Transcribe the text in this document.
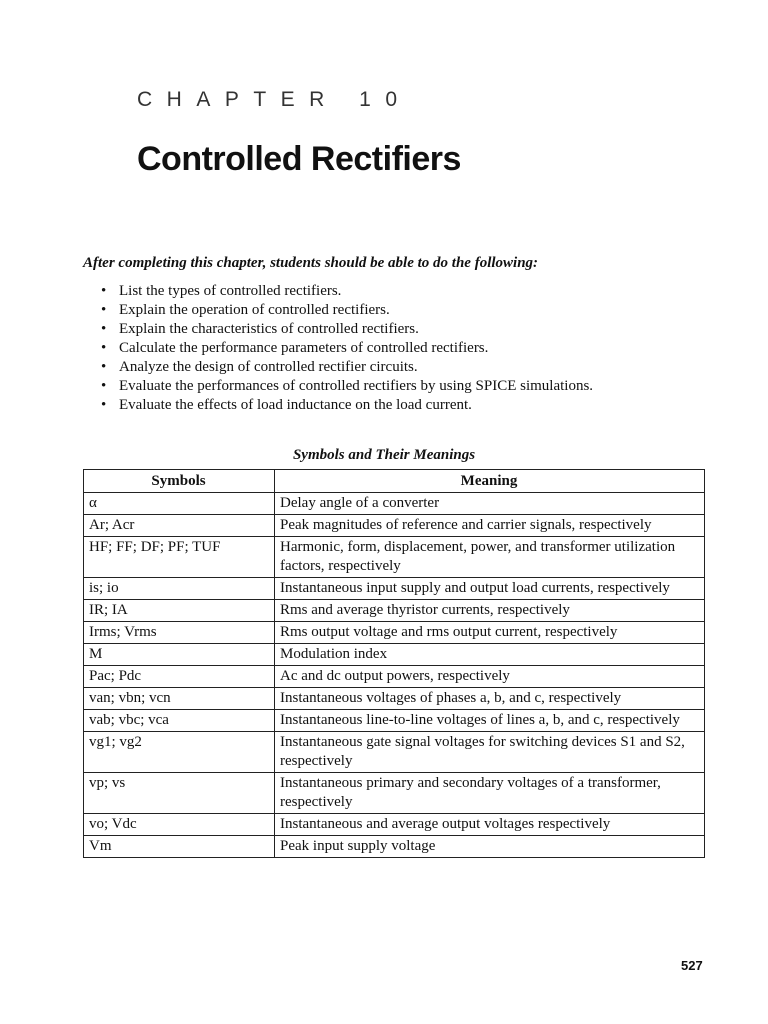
CHAPTER 10
Controlled Rectifiers
After completing this chapter, students should be able to do the following:
• List the types of controlled rectifiers.
• Explain the operation of controlled rectifiers.
• Explain the characteristics of controlled rectifiers.
• Calculate the performance parameters of controlled rectifiers.
• Analyze the design of controlled rectifier circuits.
• Evaluate the performances of controlled rectifiers by using SPICE simulations.
• Evaluate the effects of load inductance on the load current.
Symbols and Their Meanings
Symbols	Meaning
α	Delay angle of a converter
Ar; Acr	Peak magnitudes of reference and carrier signals, respectively
HF; FF; DF; PF; TUF	Harmonic, form, displacement, power, and transformer utilization factors, respectively
is; io	Instantaneous input supply and output load currents, respectively
IR; IA	Rms and average thyristor currents, respectively
Irms; Vrms	Rms output voltage and rms output current, respectively
M	Modulation index
Pac; Pdc	Ac and dc output powers, respectively
van; vbn; vcn	Instantaneous voltages of phases a, b, and c, respectively
vab; vbc; vca	Instantaneous line-to-line voltages of lines a, b, and c, respectively
vg1; vg2	Instantaneous gate signal voltages for switching devices S1 and S2, respectively
vp; vs	Instantaneous primary and secondary voltages of a transformer, respectively
vo; Vdc	Instantaneous and average output voltages respectively
Vm	Peak input supply voltage
527
